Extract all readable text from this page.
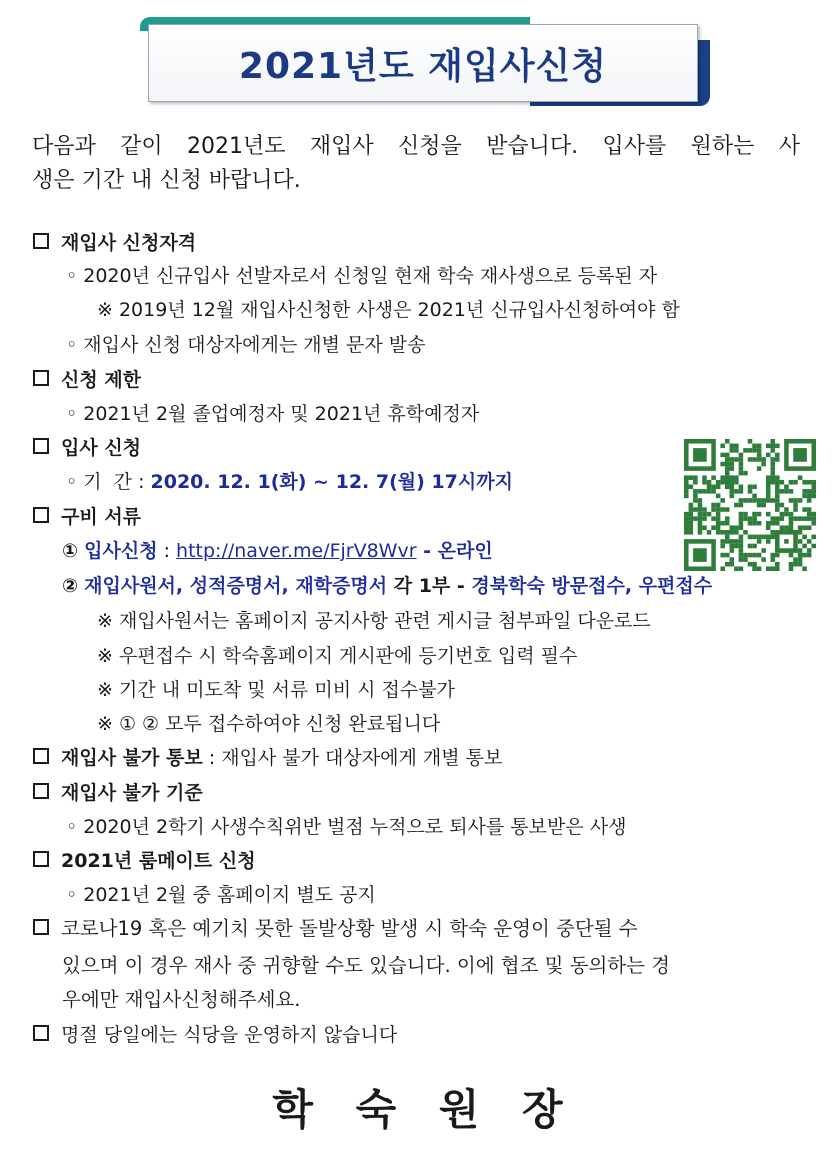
2021년도 재입사신청
다음과 같이 2021년도 재입사 신청을 받습니다. 입사를 원하는 사
생은 기간 내 신청 바랍니다.
재입사 신청자격
◦ 2020년 신규입사 선발자로서 신청일 현재 학숙 재사생으로 등록된 자
※ 2019년 12월 재입사신청한 사생은 2021년 신규입사신청하여야 함
◦ 재입사 신청 대상자에게는 개별 문자 발송
신청 제한
◦ 2021년 2월 졸업예정자 및 2021년 휴학예정자
입사 신청
◦ 기  간 : 2020. 12. 1(화) ~ 12. 7(월) 17시까지
구비 서류
① 입사신청 : http://naver.me/FjrV8Wvr - 온라인
② 재입사원서, 성적증명서, 재학증명서 각 1부 - 경북학숙 방문접수, 우편접수
※ 재입사원서는 홈페이지 공지사항 관련 게시글 첨부파일 다운로드
※ 우편접수 시 학숙홈페이지 게시판에 등기번호 입력 필수
※ 기간 내 미도착 및 서류 미비 시 접수불가
※ ① ② 모두 접수하여야 신청 완료됩니다
재입사 불가 통보 : 재입사 불가 대상자에게 개별 통보
재입사 불가 기준
◦ 2020년 2학기 사생수칙위반 벌점 누적으로 퇴사를 통보받은 사생
2021년 룸메이트 신청
◦ 2021년 2월 중 홈페이지 별도 공지
코로나19 혹은 예기치 못한 돌발상황 발생 시 학숙 운영이 중단될 수
있으며 이 경우 재사 중 귀향할 수도 있습니다. 이에 협조 및 동의하는 경
우에만 재입사신청해주세요.
명절 당일에는 식당을 운영하지 않습니다
학 숙 원 장
